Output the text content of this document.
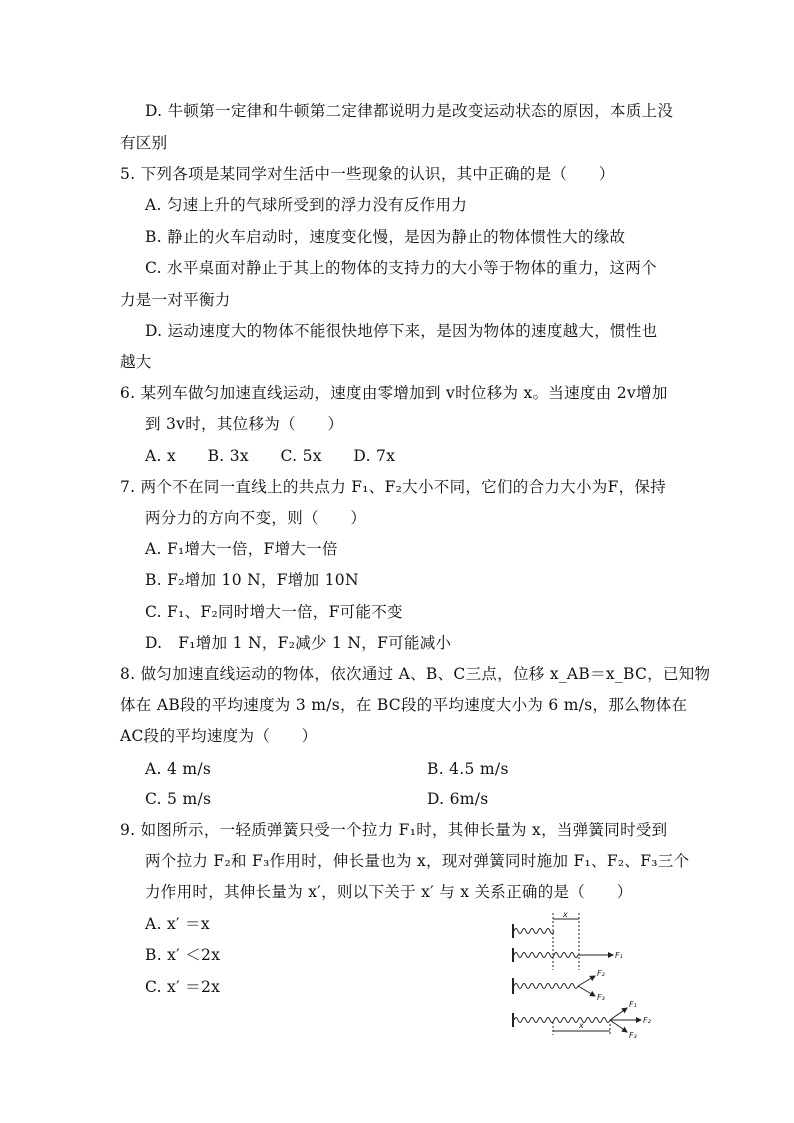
D. 牛顿第一定律和牛顿第二定律都说明力是改变运动状态的原因，本质上没
有区别
5. 下列各项是某同学对生活中一些现象的认识，其中正确的是（　　）
A. 匀速上升的气球所受到的浮力没有反作用力
B. 静止的火车启动时，速度变化慢，是因为静止的物体惯性大的缘故
C. 水平桌面对静止于其上的物体的支持力的大小等于物体的重力，这两个
力是一对平衡力
D. 运动速度大的物体不能很快地停下来，是因为物体的速度越大，惯性也
越大
6. 某列车做匀加速直线运动，速度由零增加到 v时位移为 x。当速度由 2v增加
到 3v时，其位移为（　　）
A. x　　B. 3x　　C. 5x　　D. 7x
7. 两个不在同一直线上的共点力 F₁、F₂大小不同，它们的合力大小为F，保持
两分力的方向不变，则（　　）
A. F₁增大一倍，F增大一倍
B. F₂增加 10 N，F增加 10N
C. F₁、F₂同时增大一倍，F可能不变
D.　F₁增加 1 N，F₂减少 1 N，F可能减小
8. 做匀加速直线运动的物体，依次通过 A、B、C三点，位移 x_AB＝x_BC，已知物
体在 AB段的平均速度为 3 m/s，在 BC段的平均速度大小为 6 m/s，那么物体在
AC段的平均速度为（　　）
A. 4 m/s	B. 4.5 m/s
C. 5 m/s	D. 6m/s
9. 如图所示，一轻质弹簧只受一个拉力 F₁时，其伸长量为 x，当弹簧同时受到
两个拉力 F₂和 F₃作用时，伸长量也为 x，现对弹簧同时施加 F₁、F₂、F₃三个
力作用时，其伸长量为 x′，则以下关于 x′ 与 x 关系正确的是（　　）
A. x′ ＝x
B. x′ ＜2x
C. x′ ＝2x
x
F₁
F₂
F₃
F₁
F₂
F₃
x
